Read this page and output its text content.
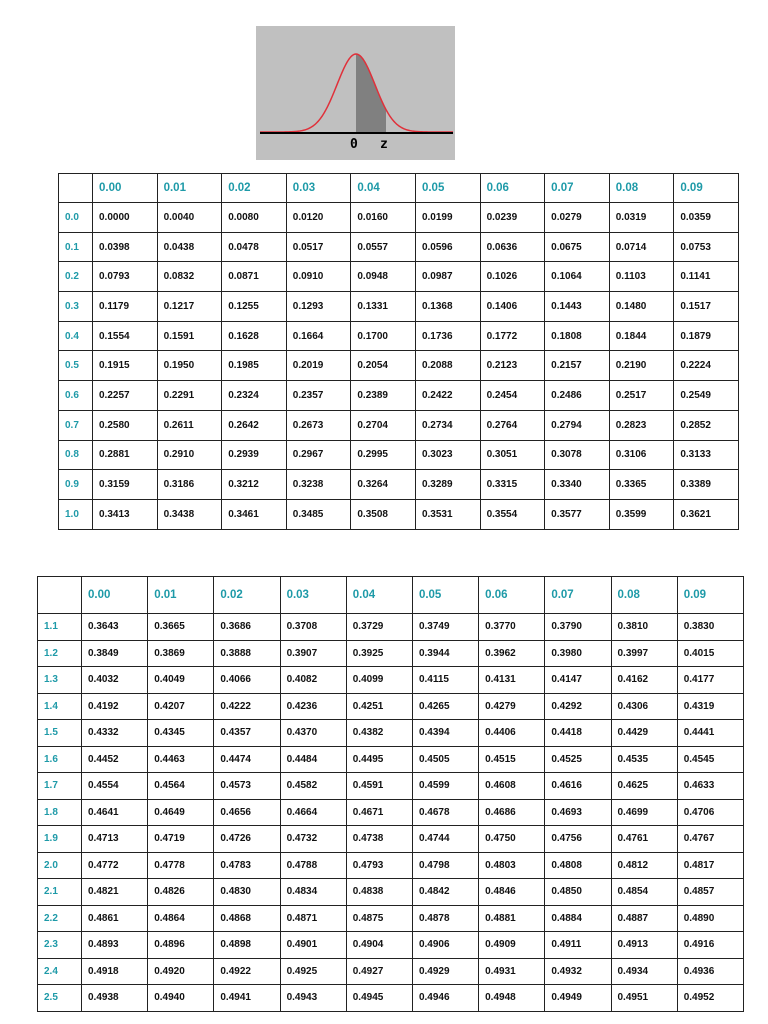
0 z
	0.00	0.01	0.02	0.03	0.04	0.05	0.06	0.07	0.08	0.09
0.0	0.0000	0.0040	0.0080	0.0120	0.0160	0.0199	0.0239	0.0279	0.0319	0.0359
0.1	0.0398	0.0438	0.0478	0.0517	0.0557	0.0596	0.0636	0.0675	0.0714	0.0753
0.2	0.0793	0.0832	0.0871	0.0910	0.0948	0.0987	0.1026	0.1064	0.1103	0.1141
0.3	0.1179	0.1217	0.1255	0.1293	0.1331	0.1368	0.1406	0.1443	0.1480	0.1517
0.4	0.1554	0.1591	0.1628	0.1664	0.1700	0.1736	0.1772	0.1808	0.1844	0.1879
0.5	0.1915	0.1950	0.1985	0.2019	0.2054	0.2088	0.2123	0.2157	0.2190	0.2224
0.6	0.2257	0.2291	0.2324	0.2357	0.2389	0.2422	0.2454	0.2486	0.2517	0.2549
0.7	0.2580	0.2611	0.2642	0.2673	0.2704	0.2734	0.2764	0.2794	0.2823	0.2852
0.8	0.2881	0.2910	0.2939	0.2967	0.2995	0.3023	0.3051	0.3078	0.3106	0.3133
0.9	0.3159	0.3186	0.3212	0.3238	0.3264	0.3289	0.3315	0.3340	0.3365	0.3389
1.0	0.3413	0.3438	0.3461	0.3485	0.3508	0.3531	0.3554	0.3577	0.3599	0.3621
	0.00	0.01	0.02	0.03	0.04	0.05	0.06	0.07	0.08	0.09
1.1	0.3643	0.3665	0.3686	0.3708	0.3729	0.3749	0.3770	0.3790	0.3810	0.3830
1.2	0.3849	0.3869	0.3888	0.3907	0.3925	0.3944	0.3962	0.3980	0.3997	0.4015
1.3	0.4032	0.4049	0.4066	0.4082	0.4099	0.4115	0.4131	0.4147	0.4162	0.4177
1.4	0.4192	0.4207	0.4222	0.4236	0.4251	0.4265	0.4279	0.4292	0.4306	0.4319
1.5	0.4332	0.4345	0.4357	0.4370	0.4382	0.4394	0.4406	0.4418	0.4429	0.4441
1.6	0.4452	0.4463	0.4474	0.4484	0.4495	0.4505	0.4515	0.4525	0.4535	0.4545
1.7	0.4554	0.4564	0.4573	0.4582	0.4591	0.4599	0.4608	0.4616	0.4625	0.4633
1.8	0.4641	0.4649	0.4656	0.4664	0.4671	0.4678	0.4686	0.4693	0.4699	0.4706
1.9	0.4713	0.4719	0.4726	0.4732	0.4738	0.4744	0.4750	0.4756	0.4761	0.4767
2.0	0.4772	0.4778	0.4783	0.4788	0.4793	0.4798	0.4803	0.4808	0.4812	0.4817
2.1	0.4821	0.4826	0.4830	0.4834	0.4838	0.4842	0.4846	0.4850	0.4854	0.4857
2.2	0.4861	0.4864	0.4868	0.4871	0.4875	0.4878	0.4881	0.4884	0.4887	0.4890
2.3	0.4893	0.4896	0.4898	0.4901	0.4904	0.4906	0.4909	0.4911	0.4913	0.4916
2.4	0.4918	0.4920	0.4922	0.4925	0.4927	0.4929	0.4931	0.4932	0.4934	0.4936
2.5	0.4938	0.4940	0.4941	0.4943	0.4945	0.4946	0.4948	0.4949	0.4951	0.4952
